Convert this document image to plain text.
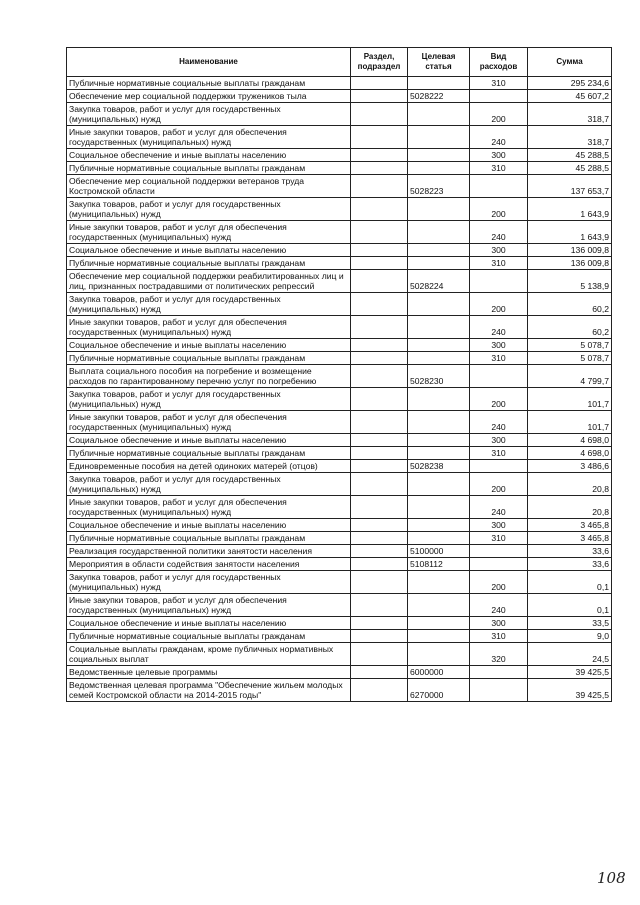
Наименование	Раздел, подраздел	Целевая статья	Вид расходов	Сумма
Публичные нормативные социальные выплаты гражданам			310	295 234,6
Обеспечение мер социальной поддержки тружеников тыла		5028222		45 607,2
Закупка товаров, работ и услуг для государственных (муниципальных) нужд			200	318,7
Иные закупки товаров, работ и услуг для обеспечения государственных (муниципальных) нужд			240	318,7
Социальное обеспечение и иные выплаты населению			300	45 288,5
Публичные нормативные социальные выплаты гражданам			310	45 288,5
Обеспечение мер социальной поддержки ветеранов труда Костромской области		5028223		137 653,7
Закупка товаров, работ и услуг для государственных (муниципальных) нужд			200	1 643,9
Иные закупки товаров, работ и услуг для обеспечения государственных (муниципальных) нужд			240	1 643,9
Социальное обеспечение и иные выплаты населению			300	136 009,8
Публичные нормативные социальные выплаты гражданам			310	136 009,8
Обеспечение мер социальной поддержки реабилитированных лиц и лиц, признанных пострадавшими от политических репрессий		5028224		5 138,9
Закупка товаров, работ и услуг для государственных (муниципальных) нужд			200	60,2
Иные закупки товаров, работ и услуг для обеспечения государственных (муниципальных) нужд			240	60,2
Социальное обеспечение и иные выплаты населению			300	5 078,7
Публичные нормативные социальные выплаты гражданам			310	5 078,7
Выплата социального пособия на погребение и возмещение расходов по гарантированному перечню услуг по погребению		5028230		4 799,7
Закупка товаров, работ и услуг для государственных (муниципальных) нужд			200	101,7
Иные закупки товаров, работ и услуг для обеспечения государственных (муниципальных) нужд			240	101,7
Социальное обеспечение и иные выплаты населению			300	4 698,0
Публичные нормативные социальные выплаты гражданам			310	4 698,0
Единовременные пособия на детей одиноких матерей (отцов)		5028238		3 486,6
Закупка товаров, работ и услуг для государственных (муниципальных) нужд			200	20,8
Иные закупки товаров, работ и услуг для обеспечения государственных (муниципальных) нужд			240	20,8
Социальное обеспечение и иные выплаты населению			300	3 465,8
Публичные нормативные социальные выплаты гражданам			310	3 465,8
Реализация государственной политики занятости населения		5100000		33,6
Мероприятия в области содействия занятости населения		5108112		33,6
Закупка товаров, работ и услуг для государственных (муниципальных) нужд			200	0,1
Иные закупки товаров, работ и услуг для обеспечения государственных (муниципальных) нужд			240	0,1
Социальное обеспечение и иные выплаты населению			300	33,5
Публичные нормативные социальные выплаты гражданам			310	9,0
Социальные выплаты гражданам, кроме публичных нормативных социальных выплат			320	24,5
Ведомственные целевые программы		6000000		39 425,5
Ведомственная целевая программа "Обеспечение жильем молодых семей Костромской области на 2014-2015 годы"		6270000		39 425,5
108
